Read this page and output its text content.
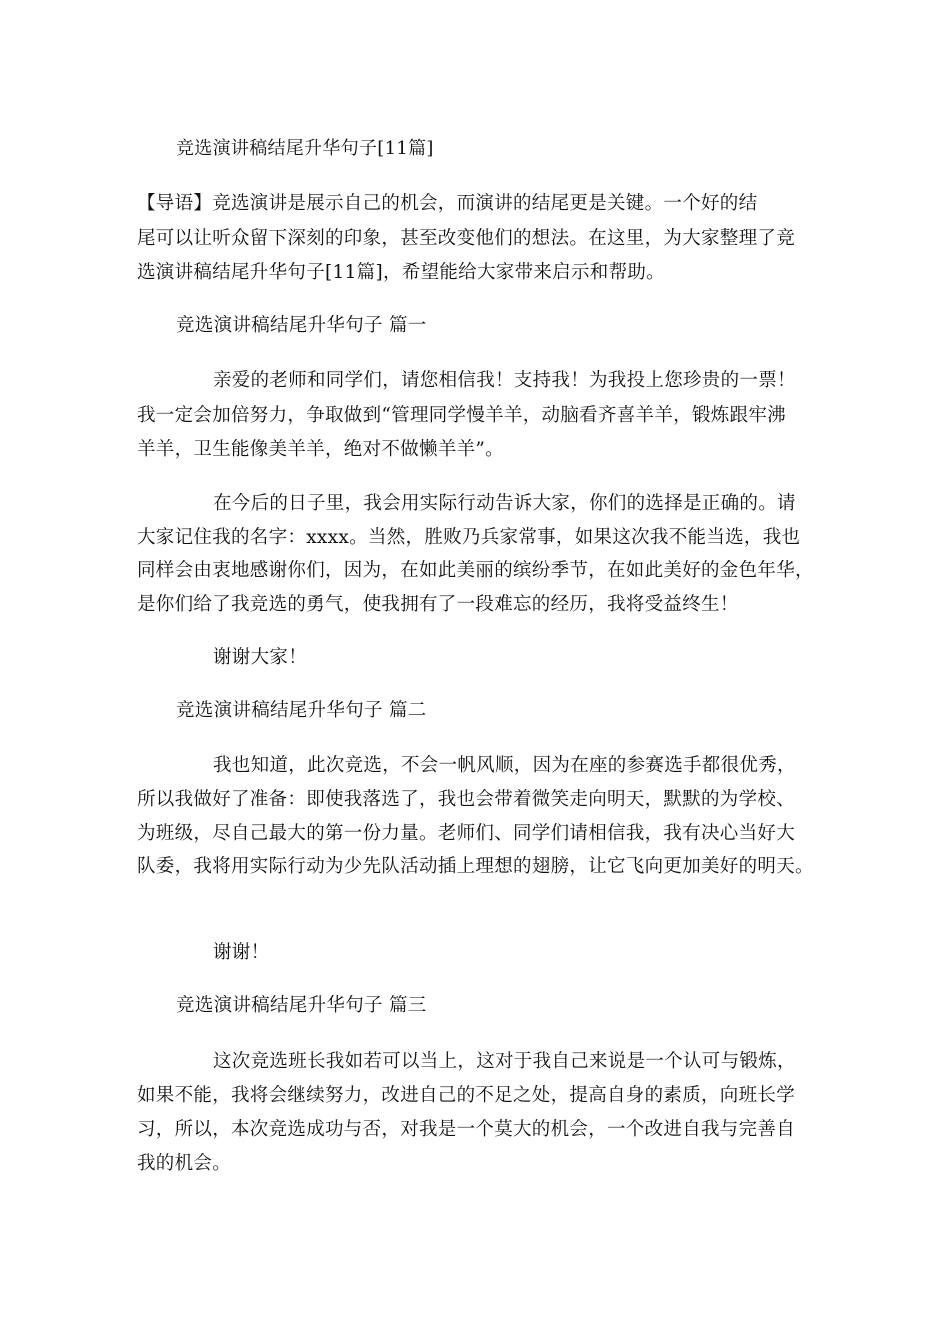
竞选演讲稿结尾升华句子[11篇]
【导语】竞选演讲是展示自己的机会，而演讲的结尾更是关键。一个好的结
尾可以让听众留下深刻的印象，甚至改变他们的想法。在这里，为大家整理了竞
选演讲稿结尾升华句子[11篇]，希望能给大家带来启示和帮助。
竞选演讲稿结尾升华句子 篇一
亲爱的老师和同学们，请您相信我！支持我！为我投上您珍贵的一票！
我一定会加倍努力，争取做到“管理同学慢羊羊，动脑看齐喜羊羊，锻炼跟牢沸
羊羊，卫生能像美羊羊，绝对不做懒羊羊”。
在今后的日子里，我会用实际行动告诉大家，你们的选择是正确的。请
大家记住我的名字：xxxx。当然，胜败乃兵家常事，如果这次我不能当选，我也
同样会由衷地感谢你们，因为，在如此美丽的缤纷季节，在如此美好的金色年华，
是你们给了我竞选的勇气，使我拥有了一段难忘的经历，我将受益终生！
谢谢大家！
竞选演讲稿结尾升华句子 篇二
我也知道，此次竞选，不会一帆风顺，因为在座的参赛选手都很优秀，
所以我做好了准备：即使我落选了，我也会带着微笑走向明天，默默的为学校、
为班级，尽自己最大的第一份力量。老师们、同学们请相信我，我有决心当好大
队委，我将用实际行动为少先队活动插上理想的翅膀，让它飞向更加美好的明天。
谢谢！
竞选演讲稿结尾升华句子 篇三
这次竞选班长我如若可以当上，这对于我自己来说是一个认可与锻炼，
如果不能，我将会继续努力，改进自己的不足之处，提高自身的素质，向班长学
习，所以，本次竞选成功与否，对我是一个莫大的机会，一个改进自我与完善自
我的机会。
